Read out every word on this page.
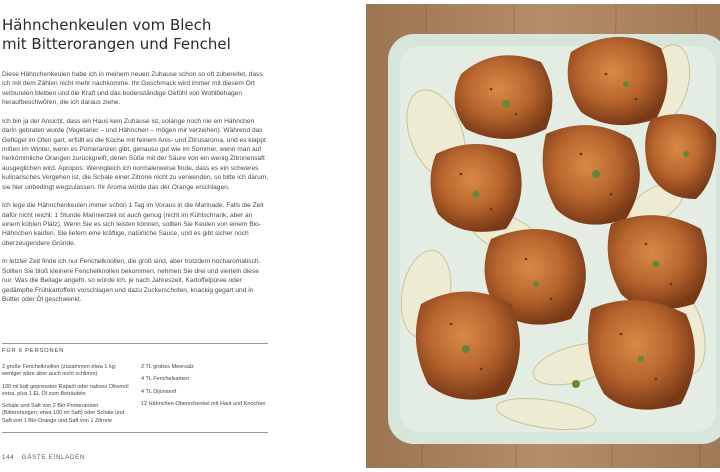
Hähnchenkeulen vom Blech
mit Bitterorangen und Fenchel

Diese Hähnchenkeulen habe ich in meinem neuen Zuhause schon so oft zubereitet, dass ich mit dem Zählen nicht mehr nachkomme. Ihr Geschmack wird immer mit diesem Ort verbunden bleiben und die Kraft und das bodenständige Gefühl von Wohlbehagen heraufbeschwören, die ich daraus ziehe.

Ich bin ja der Ansicht, dass ein Haus kein Zuhause ist, solange noch nie ein Hähnchen darin gebraten wurde (Vegetarier – und Hähnchen – mögen mir verzeihen). Während das Geflügel im Ofen gart, erfüllt es die Küche mit feinem Anis- und Zitrusaroma, und es klappt mitten im Winter, wenn es Pomeranzen gibt, genauso gut wie im Sommer, wenn man auf herkömmliche Orangen zurückgreift, deren Süße mit der Säure von ein wenig Zitronensaft ausgeglichen wird. Apropos: Wenngleich ich normalerweise finde, dass es ein schweres kulinarisches Vergehen ist, die Schale einer Zitrone nicht zu verwenden, so bitte ich darum, sie hier unbedingt wegzulassen. Ihr Aroma würde das der Orange erschlagen.

Ich lege die Hähnchenkeulen immer schon 1 Tag im Voraus in die Marinade. Falls die Zeit dafür nicht reicht: 1 Stunde Marinierzeit ist auch genug (nicht im Kühlschrank, aber an einem kühlen Platz). Wenn Sie es sich leisten können, sollten Sie Keulen von einem Bio-Hähnchen kaufen. Sie liefern eine kräftige, natürliche Sauce, und es gibt sicher noch überzeugendere Gründe.

In letzter Zeit finde ich nur Fenchelknollen, die groß sind, aber trotzdem hocharomatisch. Sollten Sie bloß kleinere Fenchelknollen bekommen, nehmen Sie drei und vierteln diese nur. Was die Beilage angeht, so würde ich, je nach Jahreszeit, Kartoffelpüree oder gedämpfte Frühkartoffeln vorschlagen und dazu Zuckerschoten, knackig gegart und in Butter oder Öl geschwenkt.

FÜR 6 PERSONEN
2 große Fenchelknollen (zusammen etwa 1 kg; weniger wäre aber auch nicht schlimm)
100 ml kalt gepresstes Rapsöl oder natives Olivenöl extra, plus 1 EL Öl zum Beträufeln
Schale und Saft von 2 Bio-Pomeranzen (Bitterorangen; etwa 100 ml Saft) oder Schale und Saft von 1 Bio-Orange und Saft von 1 Zitrone
2 TL grobes Meersalz
4 TL Fenchelsamen
4 TL Dijonsenf
12 Hähnchen-Oberschenkel mit Haut und Knochen
144 GÄSTE EINLADEN
